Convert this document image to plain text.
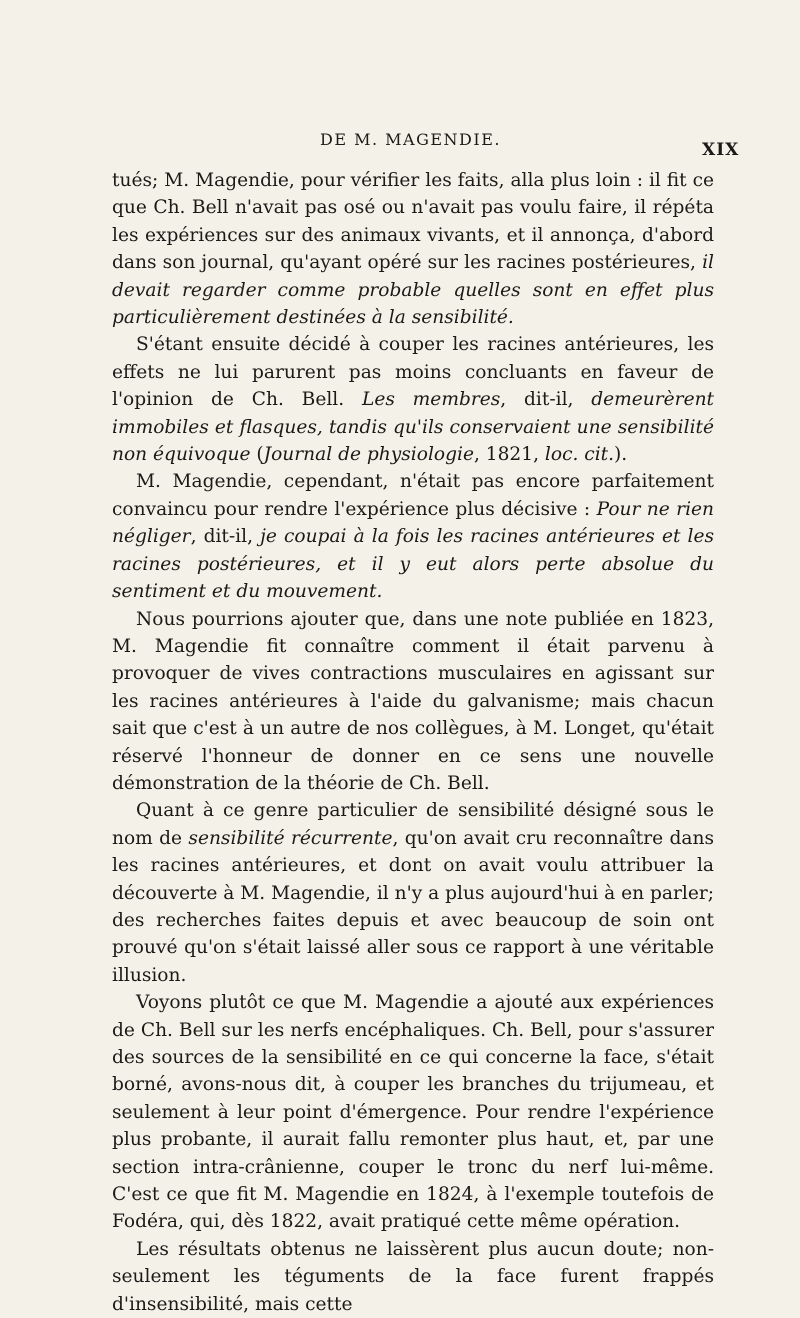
DE M. MAGENDIE.
XIX

tués; M. Magendie, pour vérifier les faits, alla plus loin : il fit ce que Ch. Bell n'avait pas osé ou n'avait pas voulu faire, il répéta les expériences sur des animaux vivants, et il annonça, d'abord dans son journal, qu'ayant opéré sur les racines postérieures, il devait regarder comme probable quelles sont en effet plus particulièrement destinées à la sensibilité.

S'étant ensuite décidé à couper les racines antérieures, les effets ne lui parurent pas moins concluants en faveur de l'opinion de Ch. Bell. Les membres, dit-il, demeurèrent immobiles et flasques, tandis qu'ils conservaient une sensibilité non équivoque (Journal de physiologie, 1821, loc. cit.).

M. Magendie, cependant, n'était pas encore parfaitement convaincu pour rendre l'expérience plus décisive : Pour ne rien négliger, dit-il, je coupai à la fois les racines antérieures et les racines postérieures, et il y eut alors perte absolue du sentiment et du mouvement.

Nous pourrions ajouter que, dans une note publiée en 1823, M. Magendie fit connaître comment il était parvenu à provoquer de vives contractions musculaires en agissant sur les racines antérieures à l'aide du galvanisme; mais chacun sait que c'est à un autre de nos collègues, à M. Longet, qu'était réservé l'honneur de donner en ce sens une nouvelle démonstration de la théorie de Ch. Bell.

Quant à ce genre particulier de sensibilité désigné sous le nom de sensibilité récurrente, qu'on avait cru reconnaître dans les racines antérieures, et dont on avait voulu attribuer la découverte à M. Magendie, il n'y a plus aujourd'hui à en parler; des recherches faites depuis et avec beaucoup de soin ont prouvé qu'on s'était laissé aller sous ce rapport à une véritable illusion.

Voyons plutôt ce que M. Magendie a ajouté aux expériences de Ch. Bell sur les nerfs encéphaliques. Ch. Bell, pour s'assurer des sources de la sensibilité en ce qui concerne la face, s'était borné, avons-nous dit, à couper les branches du trijumeau, et seulement à leur point d'émergence. Pour rendre l'expérience plus probante, il aurait fallu remonter plus haut, et, par une section intra-crânienne, couper le tronc du nerf lui-même. C'est ce que fit M. Magendie en 1824, à l'exemple toutefois de Fodéra, qui, dès 1822, avait pratiqué cette même opération.

Les résultats obtenus ne laissèrent plus aucun doute; non-seulement les téguments de la face furent frappés d'insensibilité, mais cette
